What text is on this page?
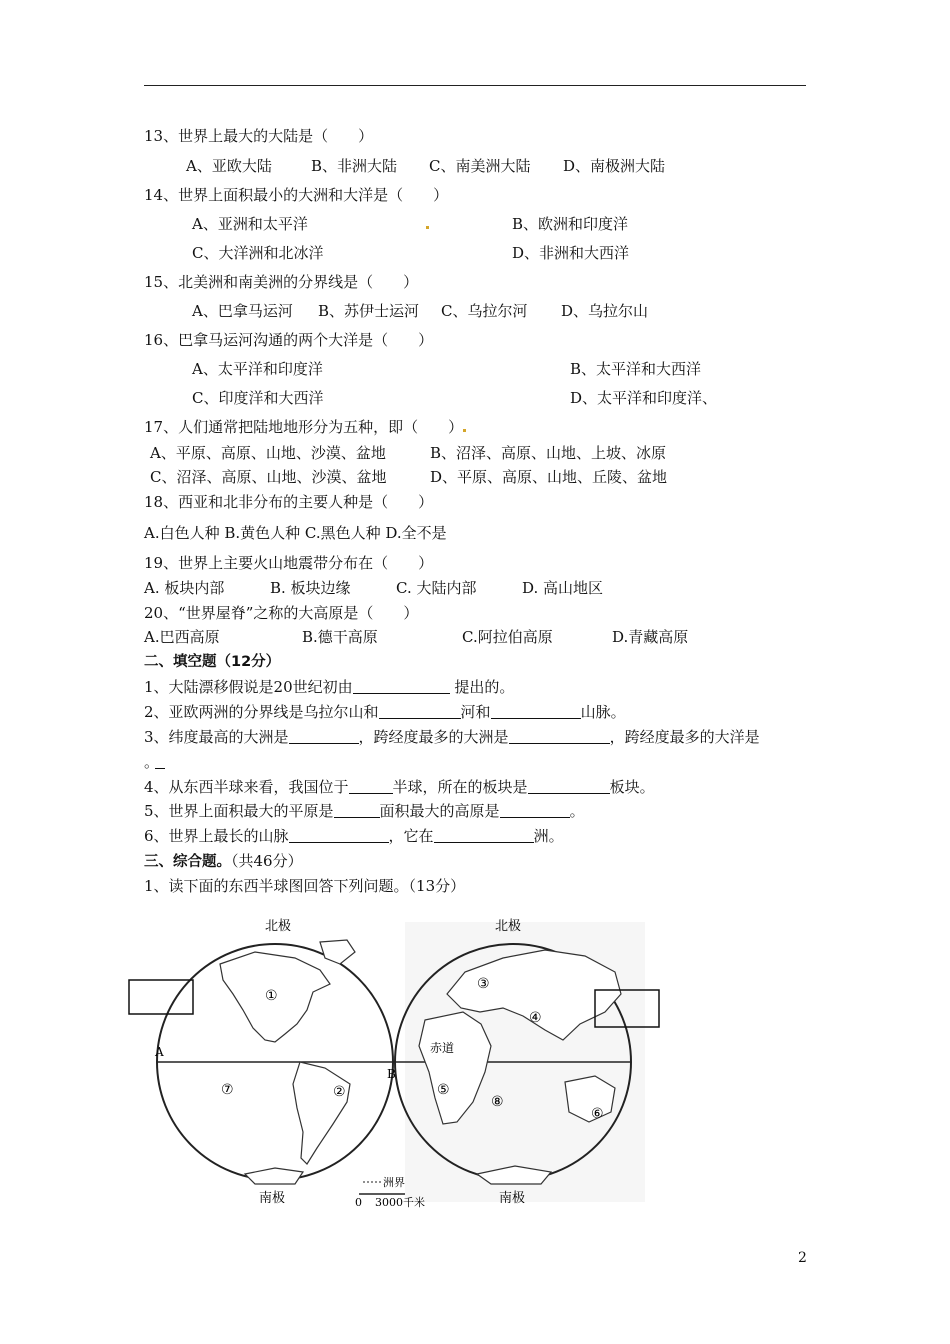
13、世界上最大的大陆是（　　）
A、亚欧大陆	B、非洲大陆 C、南美洲大陆 D、南极洲大陆
14、世界上面积最小的大洲和大洋是（　　）
A、亚洲和太平洋	B、欧洲和印度洋
C、大洋洲和北冰洋	D、非洲和大西洋
15、北美洲和南美洲的分界线是（　　）
A、巴拿马运河 B、苏伊士运河 C、乌拉尔河 D、乌拉尔山
16、巴拿马运河沟通的两个大洋是（　　）
A、太平洋和印度洋	B、太平洋和大西洋
C、印度洋和大西洋	D、太平洋和印度洋、
17、人们通常把陆地地形分为五种，即（　　）
A、平原、高原、山地、沙漠、盆地	B、沼泽、高原、山地、上坡、冰原
C、沼泽、高原、山地、沙漠、盆地	D、平原、高原、山地、丘陵、盆地
18、西亚和北非分布的主要人种是（　　）
A.白色人种 B.黄色人种 C.黑色人种 D.全不是
19、世界上主要火山地震带分布在（　　）
A. 板块内部	B. 板块边缘	C. 大陆内部	D. 高山地区
20、“世界屋脊”之称的大高原是（　　）
A.巴西高原	B.德干高原	C.阿拉伯高原	D.青藏高原
二、填空题（12分）
1、大陆漂移假说是20世纪初由	提出的。
2、亚欧两洲的分界线是乌拉尔山和	河和	山脉。
3、纬度最高的大洲是	，跨经度最多的大洲是	，跨经度最多的大洋是
。
4、从东西半球来看，我国位于	半球，所在的板块是	板块。
5、世界上面积最大的平原是	面积最大的高原是	。
6、世界上最长的山脉	，它在	洲。
三、综合题。（共46分）
1、读下面的东西半球图回答下列问题。（13分）
北极	北极
南极	南极
赤道
A
B
洲界
0 3000千米
①
②
③
④
⑤
⑥
⑦
⑧
2
